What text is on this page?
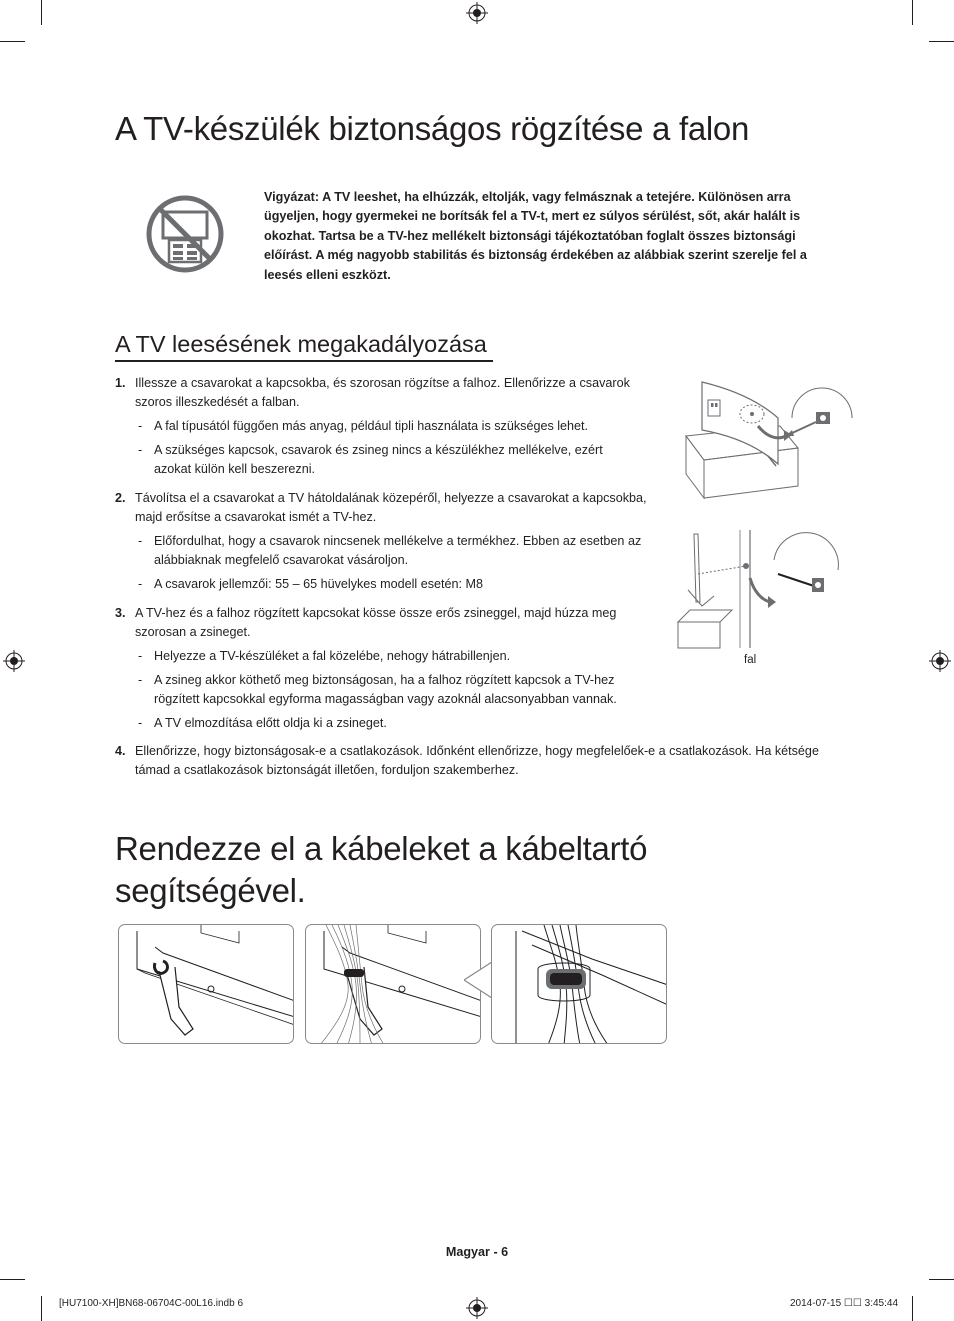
A TV-készülék biztonságos rögzítése a falon

Vigyázat: A TV leeshet, ha elhúzzák, eltolják, vagy felmásznak a tetejére. Különösen arra ügyeljen, hogy gyermekei ne borítsák fel a TV-t, mert ez súlyos sérülést, sőt, akár halált is okozhat. Tartsa be a TV-hez mellékelt biztonsági tájékoztatóban foglalt összes biztonsági előírást. A még nagyobb stabilitás és biztonság érdekében az alábbiak szerint szerelje fel a leesés elleni eszközt.

A TV leesésének megakadályozása
1. Illessze a csavarokat a kapcsokba, és szorosan rögzítse a falhoz. Ellenőrizze a csavarok szoros illeszkedését a falban.
- A fal típusától függően más anyag, például tipli használata is szükséges lehet.
- A szükséges kapcsok, csavarok és zsineg nincs a készülékhez mellékelve, ezért azokat külön kell beszerezni.
2. Távolítsa el a csavarokat a TV hátoldalának közepéről, helyezze a csavarokat a kapcsokba, majd erősítse a csavarokat ismét a TV-hez.
- Előfordulhat, hogy a csavarok nincsenek mellékelve a termékhez. Ebben az esetben az alábbiaknak megfelelő csavarokat vásároljon.
- A csavarok jellemzői: 55 – 65 hüvelykes modell esetén: M8
3. A TV-hez és a falhoz rögzített kapcsokat kösse össze erős zsineggel, majd húzza meg szorosan a zsineget.
- Helyezze a TV-készüléket a fal közelébe, nehogy hátrabillenjen.
- A zsineg akkor köthető meg biztonságosan, ha a falhoz rögzített kapcsok a TV-hez rögzített kapcsokkal egyforma magasságban vagy azoknál alacsonyabban vannak.
- A TV elmozdítása előtt oldja ki a zsineget.
4. Ellenőrizze, hogy biztonságosak-e a csatlakozások. Időnként ellenőrizze, hogy megfelelőek-e a csatlakozások. Ha kétsége támad a csatlakozások biztonságát illetően, forduljon szakemberhez.
fal
Rendezze el a kábeleket a kábeltartó
segítségével.
Magyar - 6
[HU7100-XH]BN68-06704C-00L16.indb 6	2014-07-15 ☐☐ 3:45:44
